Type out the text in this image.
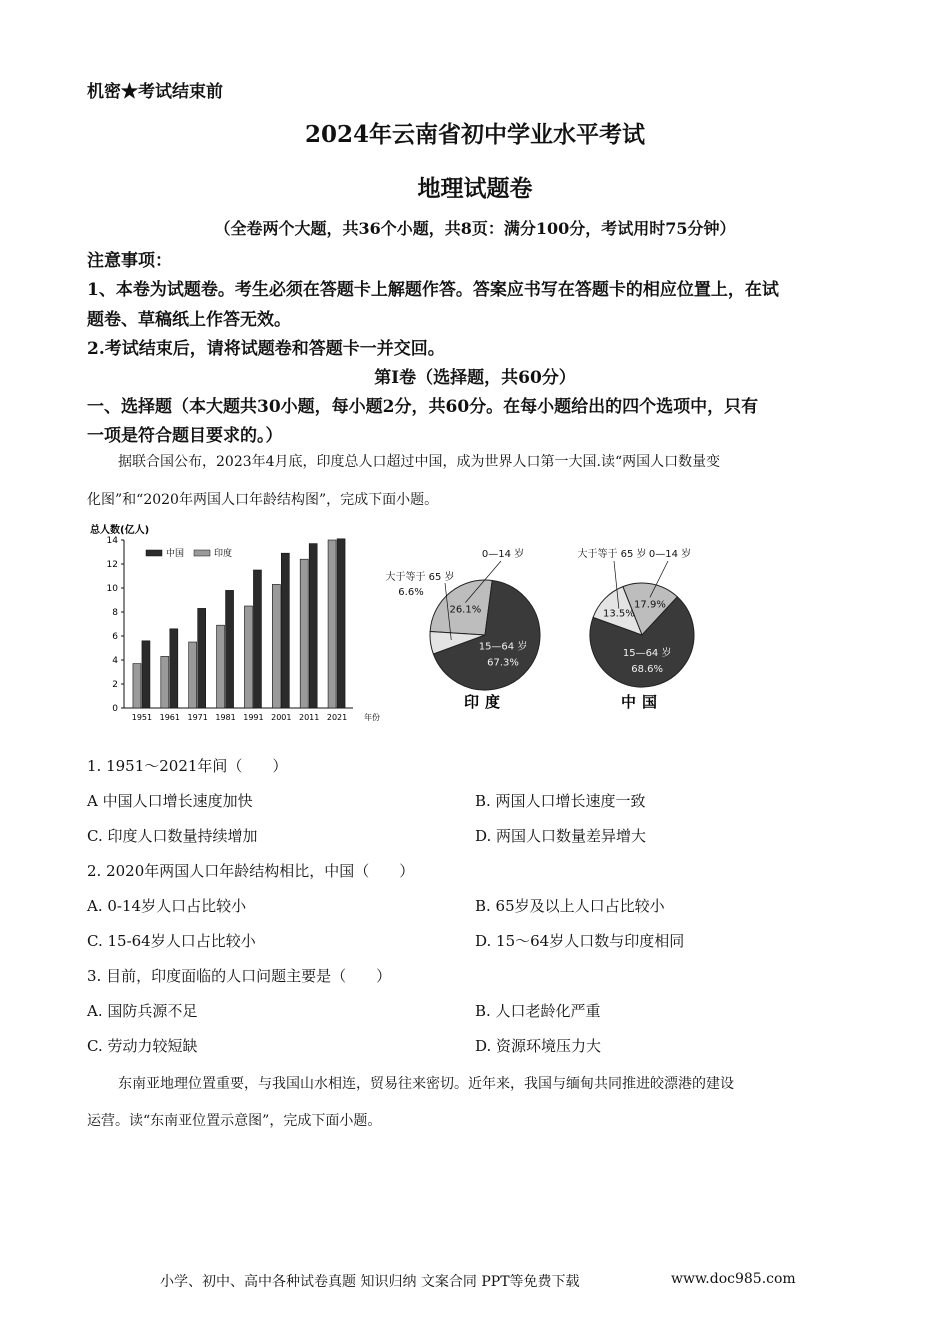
机密★考试结束前
2024年云南省初中学业水平考试
地理试题卷
（全卷两个大题，共36个小题，共8页：满分100分，考试用时75分钟）
注意事项：
1、本卷为试题卷。考生必须在答题卡上解题作答。答案应书写在答题卡的相应位置上，在试
题卷、草稿纸上作答无效。
2.考试结束后，请将试题卷和答题卡一并交回。
第Ⅰ卷（选择题，共60分）
一、选择题（本大题共30小题，每小题2分，共60分。在每小题给出的四个选项中，只有
一项是符合题目要求的。）
据联合国公布，2023年4月底，印度总人口超过中国，成为世界人口第一大国.读“两国人口数量变
化图”和“2020年两国人口年龄结构图”，完成下面小题。
总人数(亿人)
年份
0
2
4
6
8
10
12
14
1951 1961 1971 1981 1991 2001 2011 2021
中国	印度
26.1%
0—14 岁
15—64 岁
67.3%
大于等于 65 岁
6.6%
印度
17.9%
0—14 岁
15—64 岁
68.6%
大于等于 65 岁
13.5%
中国
1. 1951～2021年间（　　）
A 中国人口增长速度加快	B. 两国人口增长速度一致
C. 印度人口数量持续增加	D. 两国人口数量差异增大
2. 2020年两国人口年龄结构相比，中国（　　）
A. 0-14岁人口占比较小	B. 65岁及以上人口占比较小
C. 15-64岁人口占比较小	D. 15～64岁人口数与印度相同
3. 目前，印度面临的人口问题主要是（　　）
A. 国防兵源不足	B. 人口老龄化严重
C. 劳动力较短缺	D. 资源环境压力大
东南亚地理位置重要，与我国山水相连，贸易往来密切。近年来，我国与缅甸共同推进皎漂港的建设
运营。读“东南亚位置示意图”，完成下面小题。
小学、初中、高中各种试卷真题 知识归纳 文案合同 PPT等免费下载	www.doc985.com
